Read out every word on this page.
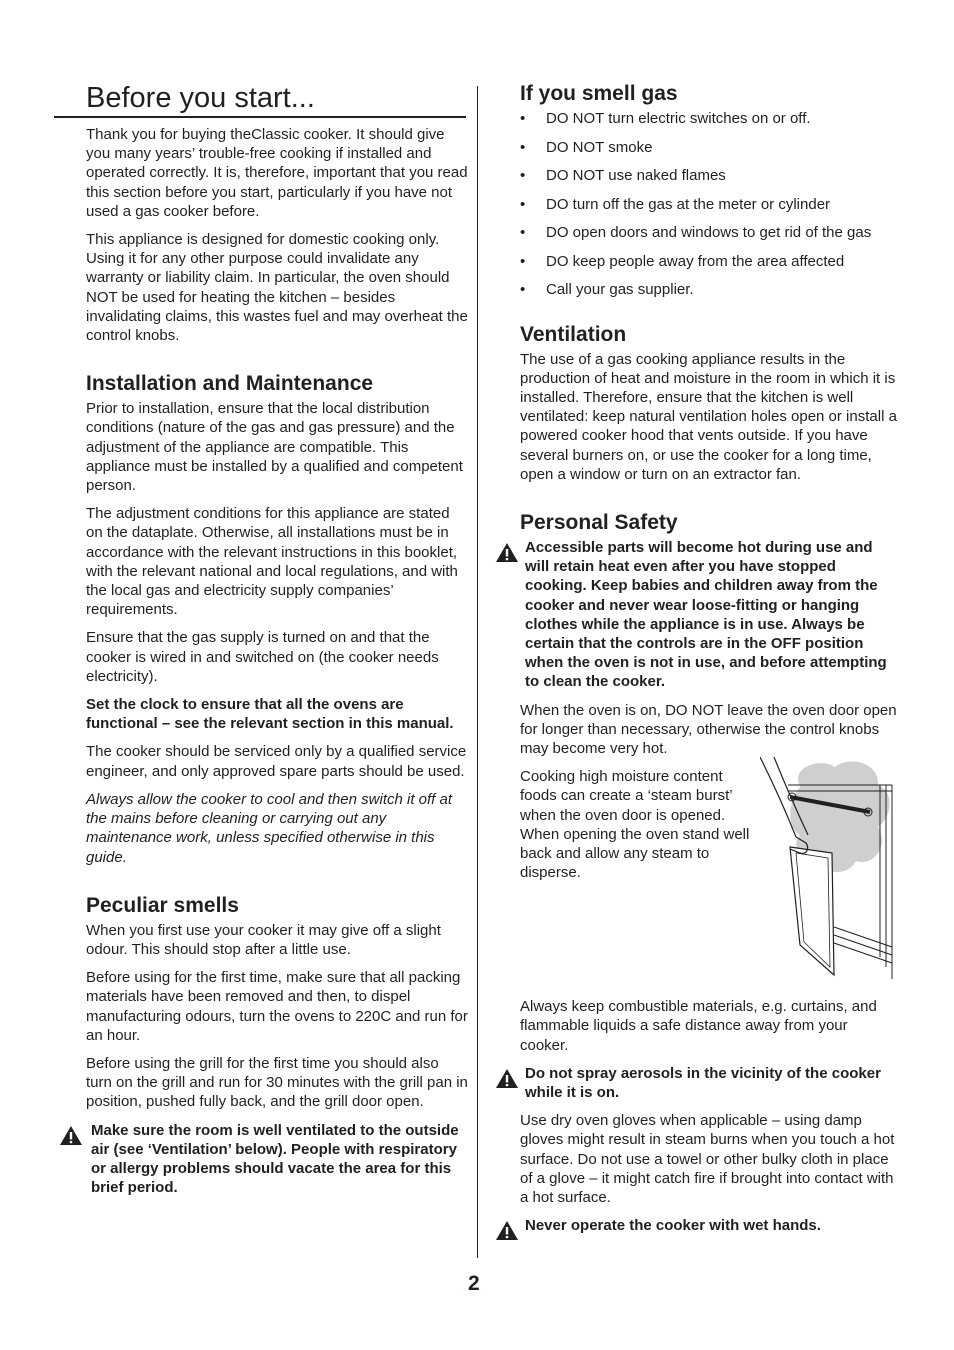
Before you start...

Thank you for buying theClassic cooker. It should give you many years’ trouble-free cooking if installed and operated correctly. It is, therefore, important that you read this section before you start, particularly if you have not used a gas cooker before.

This appliance is designed for domestic cooking only. Using it for any other purpose could invalidate any warranty or liability claim. In particular, the oven should NOT be used for heating the kitchen – besides invalidating claims, this wastes fuel and may overheat the control knobs.

Installation and Maintenance

Prior to installation, ensure that the local distribution conditions (nature of the gas and gas pressure) and the adjustment of the appliance are compatible. This appliance must be installed by a qualified and competent person.

The adjustment conditions for this appliance are stated on the dataplate. Otherwise, all installations must be in accordance with the relevant instructions in this booklet, with the relevant national and local regulations, and with the local gas and electricity supply companies’ requirements.

Ensure that the gas supply is turned on and that the cooker is wired in and switched on (the cooker needs electricity).

Set the clock to ensure that all the ovens are functional – see the relevant section in this manual.

The cooker should be serviced only by a qualified service engineer, and only approved spare parts should be used.

Always allow the cooker to cool and then switch it off at the mains before cleaning or carrying out any maintenance work, unless specified otherwise in this guide.

Peculiar smells

When you first use your cooker it may give off a slight odour. This should stop after a little use.

Before using for the first time, make sure that all packing materials have been removed and then, to dispel manufacturing odours, turn the ovens to 220C and run for an hour.

Before using the grill for the first time you should also turn on the grill and run for 30 minutes with the grill pan in position, pushed fully back, and the grill door open.

Make sure the room is well ventilated to the outside air (see ‘Ventilation’ below). People with respiratory or allergy problems should vacate the area for this brief period.
If you smell gas
• DO NOT turn electric switches on or off.
• DO NOT smoke
• DO NOT use naked flames
• DO turn off the gas at the meter or cylinder
• DO open doors and windows to get rid of the gas
• DO keep people away from the area affected
• Call your gas supplier.
Ventilation

The use of a gas cooking appliance results in the production of heat and moisture in the room in which it is installed. Therefore, ensure that the kitchen is well ventilated: keep natural ventilation holes open or install a powered cooker hood that vents outside. If you have several burners on, or use the cooker for a long time, open a window or turn on an extractor fan.

Personal Safety
Accessible parts will become hot during use and will retain heat even after you have stopped cooking. Keep babies and children away from the cooker and never wear loose-fitting or hanging clothes while the appliance is in use. Always be certain that the controls are in the OFF position when the oven is not in use, and before attempting to clean the cooker.

When the oven is on, DO NOT leave the oven door open for longer than necessary, otherwise the control knobs may become very hot.

Cooking high moisture content foods can create a ‘steam burst’ when the oven door is opened. When opening the oven stand well back and allow any steam to disperse.

Always keep combustible materials, e.g. curtains, and flammable liquids a safe distance away from your cooker.

Do not spray aerosols in the vicinity of the cooker while it is on.

Use dry oven gloves when applicable – using damp gloves might result in steam burns when you touch a hot surface. Do not use a towel or other bulky cloth in place of a glove – it might catch fire if brought into contact with a hot surface.

Never operate the cooker with wet hands.
2
